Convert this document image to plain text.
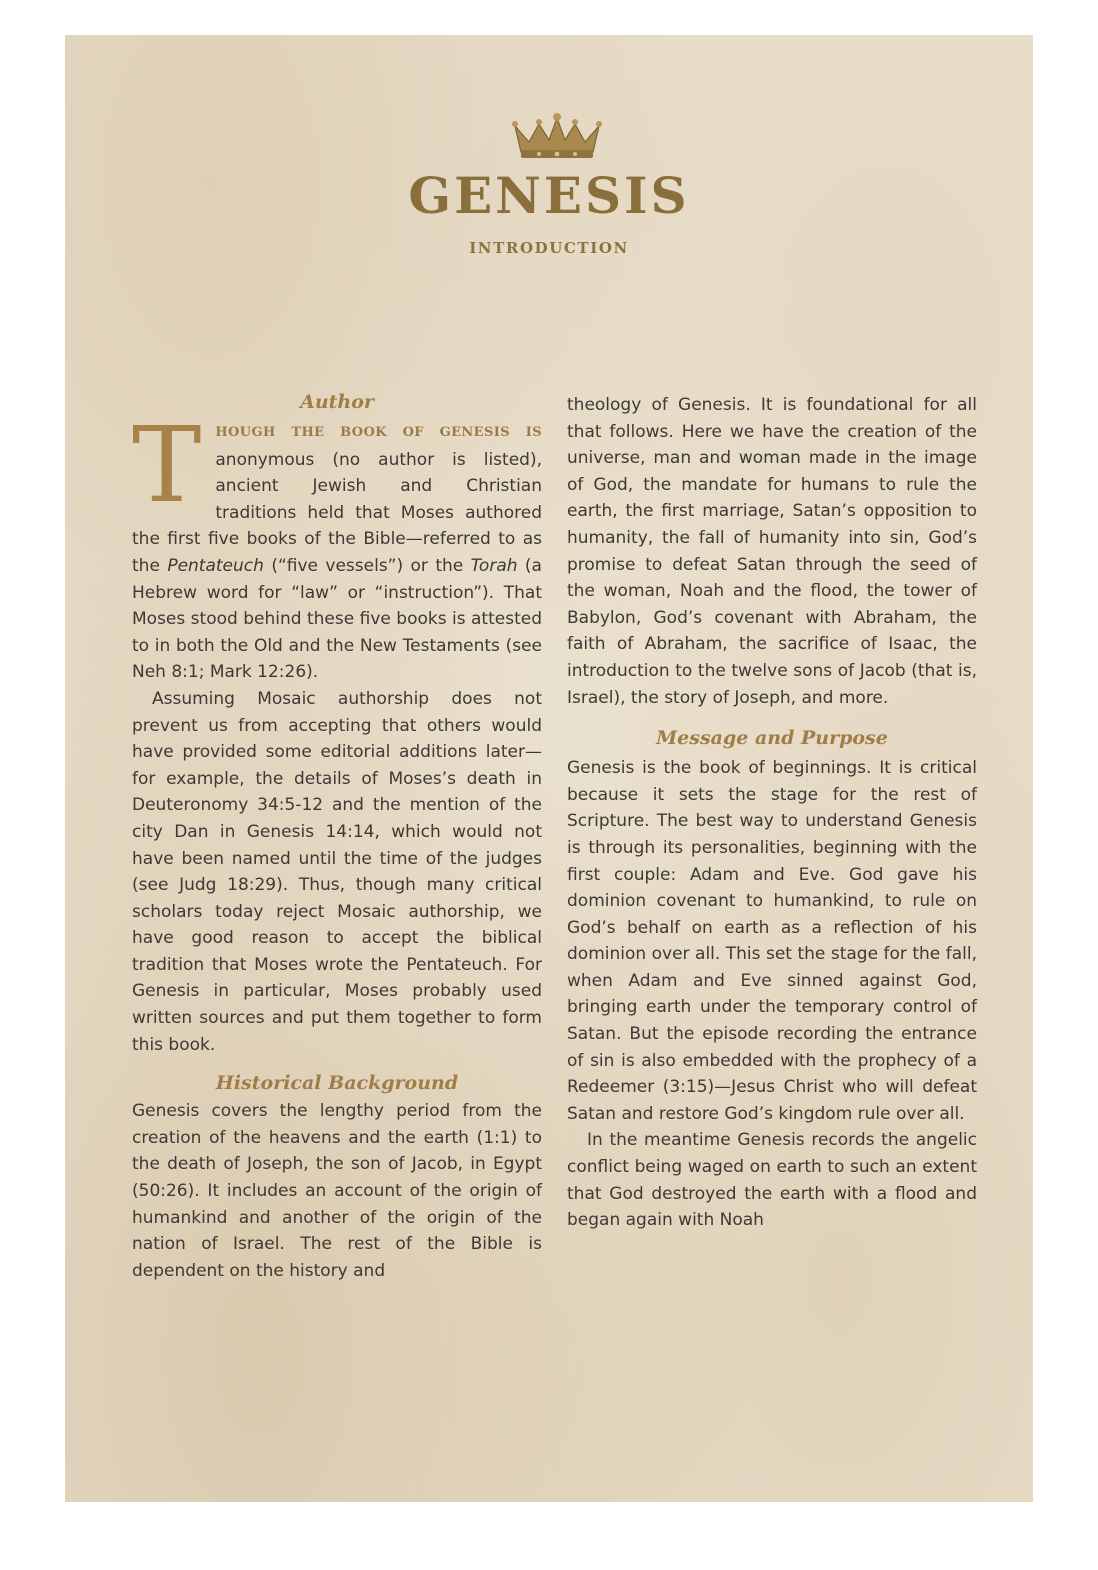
GENESIS
INTRODUCTION
Author

T HOUGH THE BOOK OF GENESIS IS anonymous (no author is listed), ancient Jewish and Christian traditions held that Moses authored the first five books of the Bible—referred to as the Pentateuch (“five vessels”) or the Torah (a Hebrew word for “law” or “instruction”). That Moses stood behind these five books is attested to in both the Old and the New Testaments (see Neh 8:1; Mark 12:26).

Assuming Mosaic authorship does not prevent us from accepting that others would have provided some editorial additions later—for example, the details of Moses’s death in Deuteronomy 34:5-12 and the mention of the city Dan in Genesis 14:14, which would not have been named until the time of the judges (see Judg 18:29). Thus, though many critical scholars today reject Mosaic authorship, we have good reason to accept the biblical tradition that Moses wrote the Pentateuch. For Genesis in particular, Moses probably used written sources and put them together to form this book.

Historical Background

Genesis covers the lengthy period from the creation of the heavens and the earth (1:1) to the death of Joseph, the son of Jacob, in Egypt (50:26). It includes an account of the origin of humankind and another of the origin of the nation of Israel. The rest of the Bible is dependent on the history and

theology of Genesis. It is foundational for all that follows. Here we have the creation of the universe, man and woman made in the image of God, the mandate for humans to rule the earth, the first marriage, Satan’s opposition to humanity, the fall of humanity into sin, God’s promise to defeat Satan through the seed of the woman, Noah and the flood, the tower of Babylon, God’s covenant with Abraham, the faith of Abraham, the sacrifice of Isaac, the introduction to the twelve sons of Jacob (that is, Israel), the story of Joseph, and more.

Message and Purpose

Genesis is the book of beginnings. It is critical because it sets the stage for the rest of Scripture. The best way to understand Genesis is through its personalities, beginning with the first couple: Adam and Eve. God gave his dominion covenant to humankind, to rule on God’s behalf on earth as a reflection of his dominion over all. This set the stage for the fall, when Adam and Eve sinned against God, bringing earth under the temporary control of Satan. But the episode recording the entrance of sin is also embedded with the prophecy of a Redeemer (3:15)—Jesus Christ who will defeat Satan and restore God’s kingdom rule over all.

In the meantime Genesis records the angelic conflict being waged on earth to such an extent that God destroyed the earth with a flood and began again with Noah
